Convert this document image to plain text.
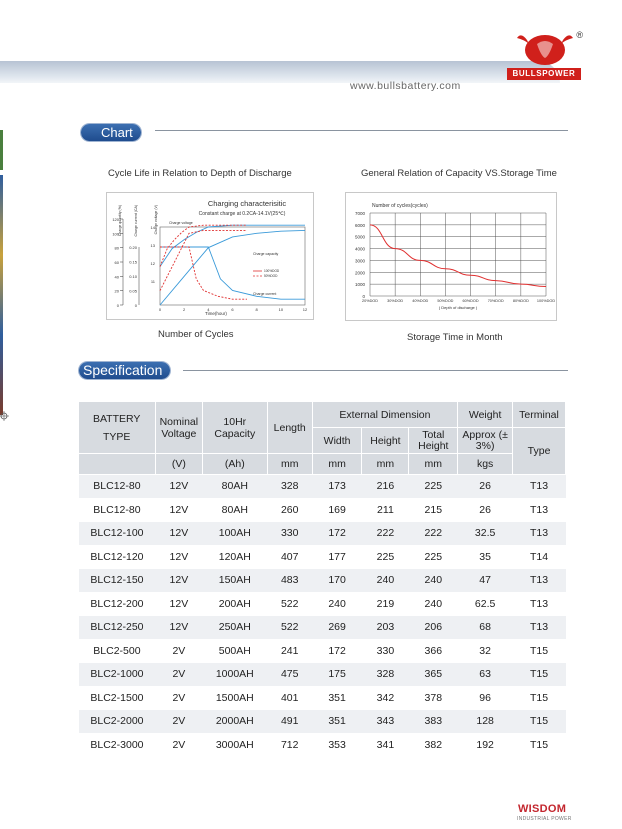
www.bullsbattery.com
®
BULLSPOWER
Chart
Cycle Life in Relation to Depth of Discharge	General Relation of Capacity VS.Storage Time
Charging characterisitic
Constant charge at 0.2CA-14.1V(25℃)
Charge quantity (%)	Charge current (CA)	Charge voltage (V)
120
100
80
60
40
20
0
0.20
0.15
0.10
0.05
0
14
13
12
11
0	2	4	6	8	10	12
Time(hour)
Charge voltage
Charge capacity
Charge current
100%DOD
50%DOD
Number of cycles(cycles)
7000
6000
5000
4000
3000
2000
1000
0
20%DOD 30%DOD 40%DOD 50%DOD 60%DOD 70%DOD 80%DOD 100%DOD
( Depth of discharge )
Number of Cycles	Storage Time in Month
Specification
BATTERY TYPE	Nominal Voltage	10Hr Capacity	Length	External Dimension			Weight	Terminal
				Width	Height	Total Height	Approx (± 3%)	Type
	(V)	(Ah)	mm	mm	mm	mm	kgs	
BLC12-80	12V	80AH	328	173	216	225	26	T13
BLC12-80	12V	80AH	260	169	211	215	26	T13
BLC12-100	12V	100AH	330	172	222	222	32.5	T13
BLC12-120	12V	120AH	407	177	225	225	35	T14
BLC12-150	12V	150AH	483	170	240	240	47	T13
BLC12-200	12V	200AH	522	240	219	240	62.5	T13
BLC12-250	12V	250AH	522	269	203	206	68	T13
BLC2-500	2V	500AH	241	172	330	366	32	T15
BLC2-1000	2V	1000AH	475	175	328	365	63	T15
BLC2-1500	2V	1500AH	401	351	342	378	96	T15
BLC2-2000	2V	2000AH	491	351	343	383	128	T15
BLC2-3000	2V	3000AH	712	353	341	382	192	T15
WISDOM
INDUSTRIAL POWER
